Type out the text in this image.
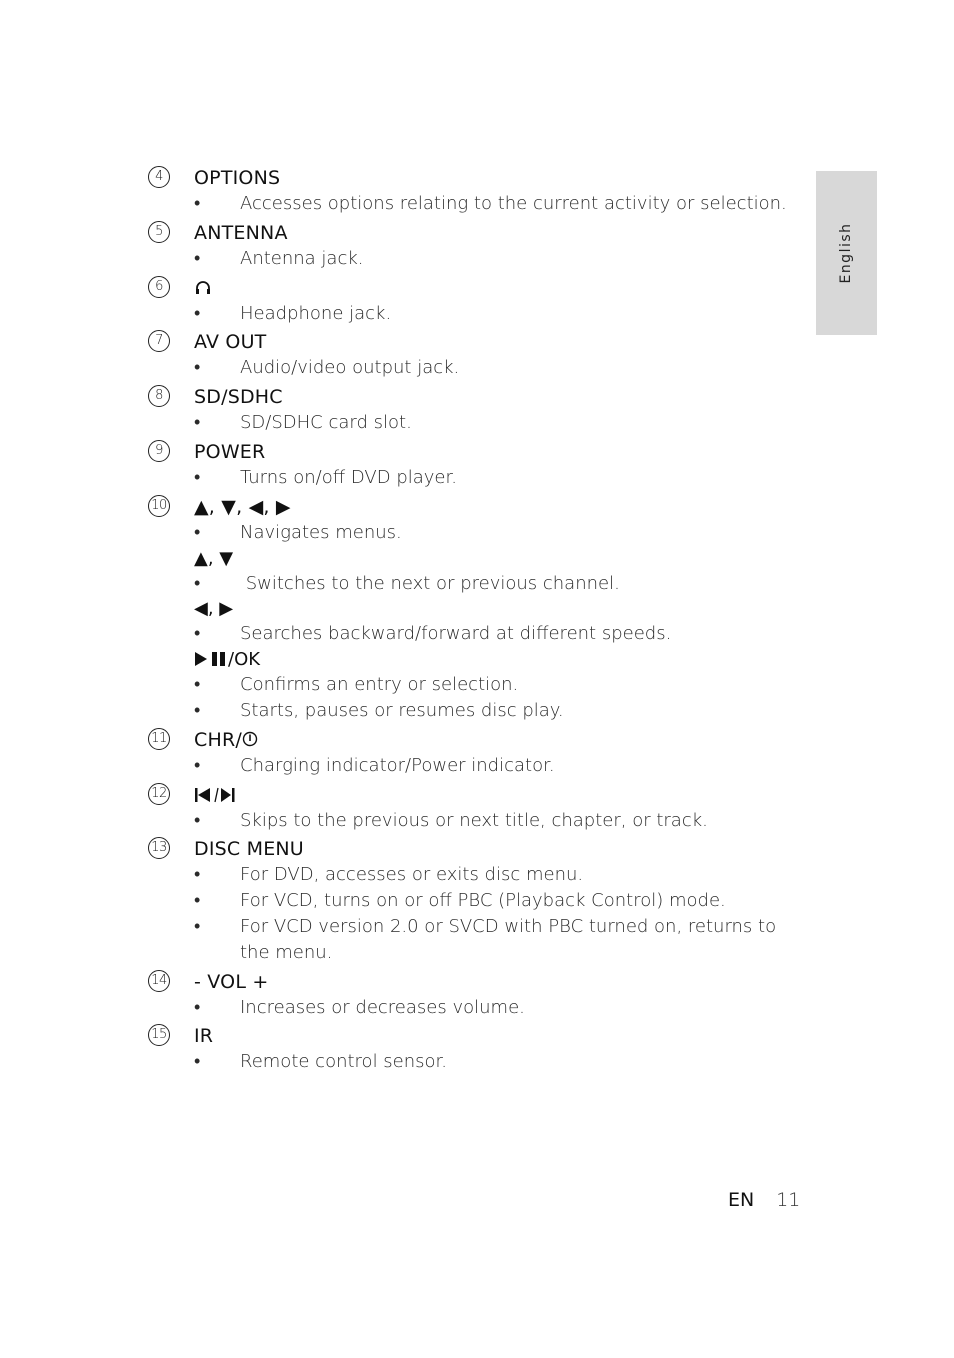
English
4	OPTIONS
•	Accesses options relating to the current activity or selection.
5	ANTENNA
•	Antenna jack.
6
•	Headphone jack.
7	AV OUT
•	Audio/video output jack.
8	SD/SDHC
•	SD/SDHC card slot.
9	POWER
•	Turns on/off DVD player.
10 ▲, ▼, ◀, ▶
•	Navigates menus.
▲, ▼
•	Switches to the next or previous channel.
◀, ▶
•	Searches backward/forward at different speeds.
/OK
•	Confirms an entry or selection.
•	Starts, pauses or resumes disc play.
11 CHR/
•	Charging indicator/Power indicator.
12
•	Skips to the previous or next title, chapter, or track.
13 DISC MENU
•	For DVD, accesses or exits disc menu.
•	For VCD, turns on or off PBC (Playback Control) mode.
•	For VCD version 2.0 or SVCD with PBC turned on, returns to the menu.
14 - VOL +
•	Increases or decreases volume.
15 IR
•	Remote control sensor.
EN 11
